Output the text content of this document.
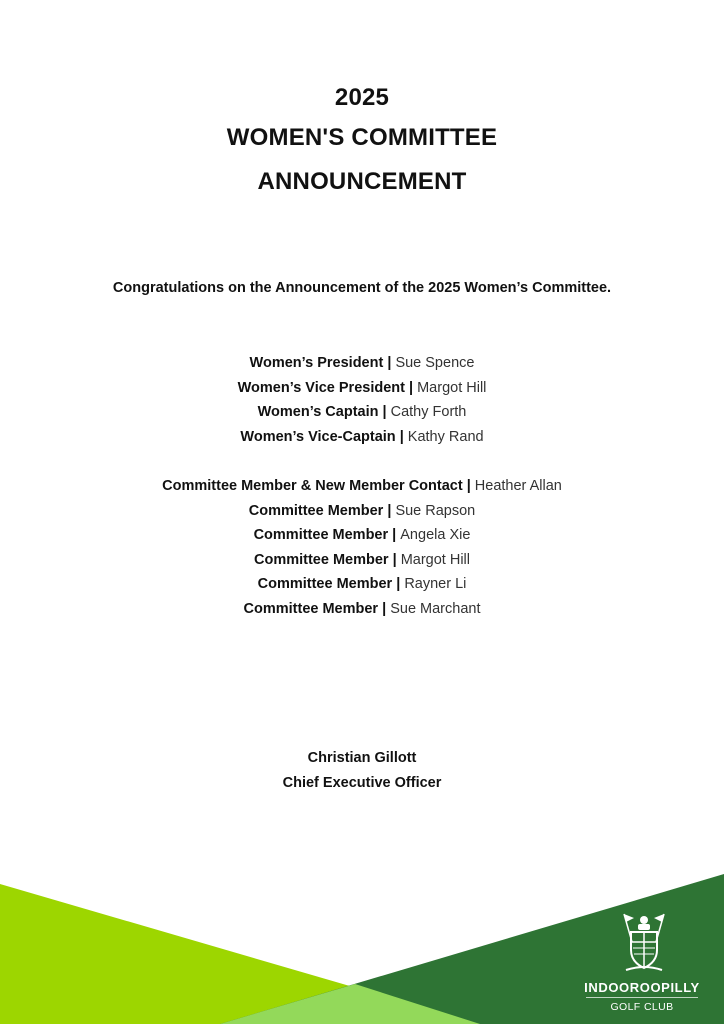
2025
WOMEN'S COMMITTEE
ANNOUNCEMENT

Congratulations on the Announcement of the 2025 Women’s Committee.

Women’s President | Sue Spence
Women’s Vice President | Margot Hill
Women’s Captain | Cathy Forth
Women’s Vice-Captain | Kathy Rand
Committee Member & New Member Contact | Heather Allan
Committee Member | Sue Rapson
Committee Member | Angela Xie
Committee Member | Margot Hill
Committee Member | Rayner Li
Committee Member | Sue Marchant
Christian Gillott
Chief Executive Officer
INDOOROOPILLY
GOLF CLUB
